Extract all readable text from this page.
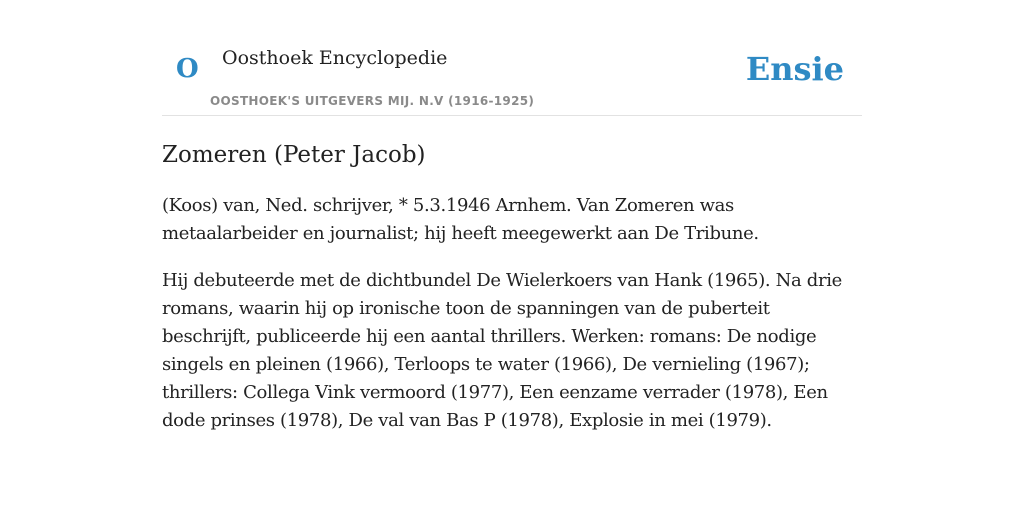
O Oosthoek Encyclopedie
OOSTHOEK'S UITGEVERS MIJ. N.V (1916-1925)
Ensie
Zomeren (Peter Jacob)

(Koos) van, Ned. schrijver, * 5.3.1946 Arnhem. Van Zomeren was metaalarbeider en journalist; hij heeft meegewerkt aan De Tribune.

Hij debuteerde met de dichtbundel De Wielerkoers van Hank (1965). Na drie romans, waarin hij op ironische toon de spanningen van de puberteit beschrijft, publiceerde hij een aantal thrillers. Werken: romans: De nodige singels en pleinen (1966), Terloops te water (1966), De vernieling (1967); thrillers: Collega Vink vermoord (1977), Een eenzame verrader (1978), Een dode prinses (1978), De val van Bas P (1978), Explosie in mei (1979).
